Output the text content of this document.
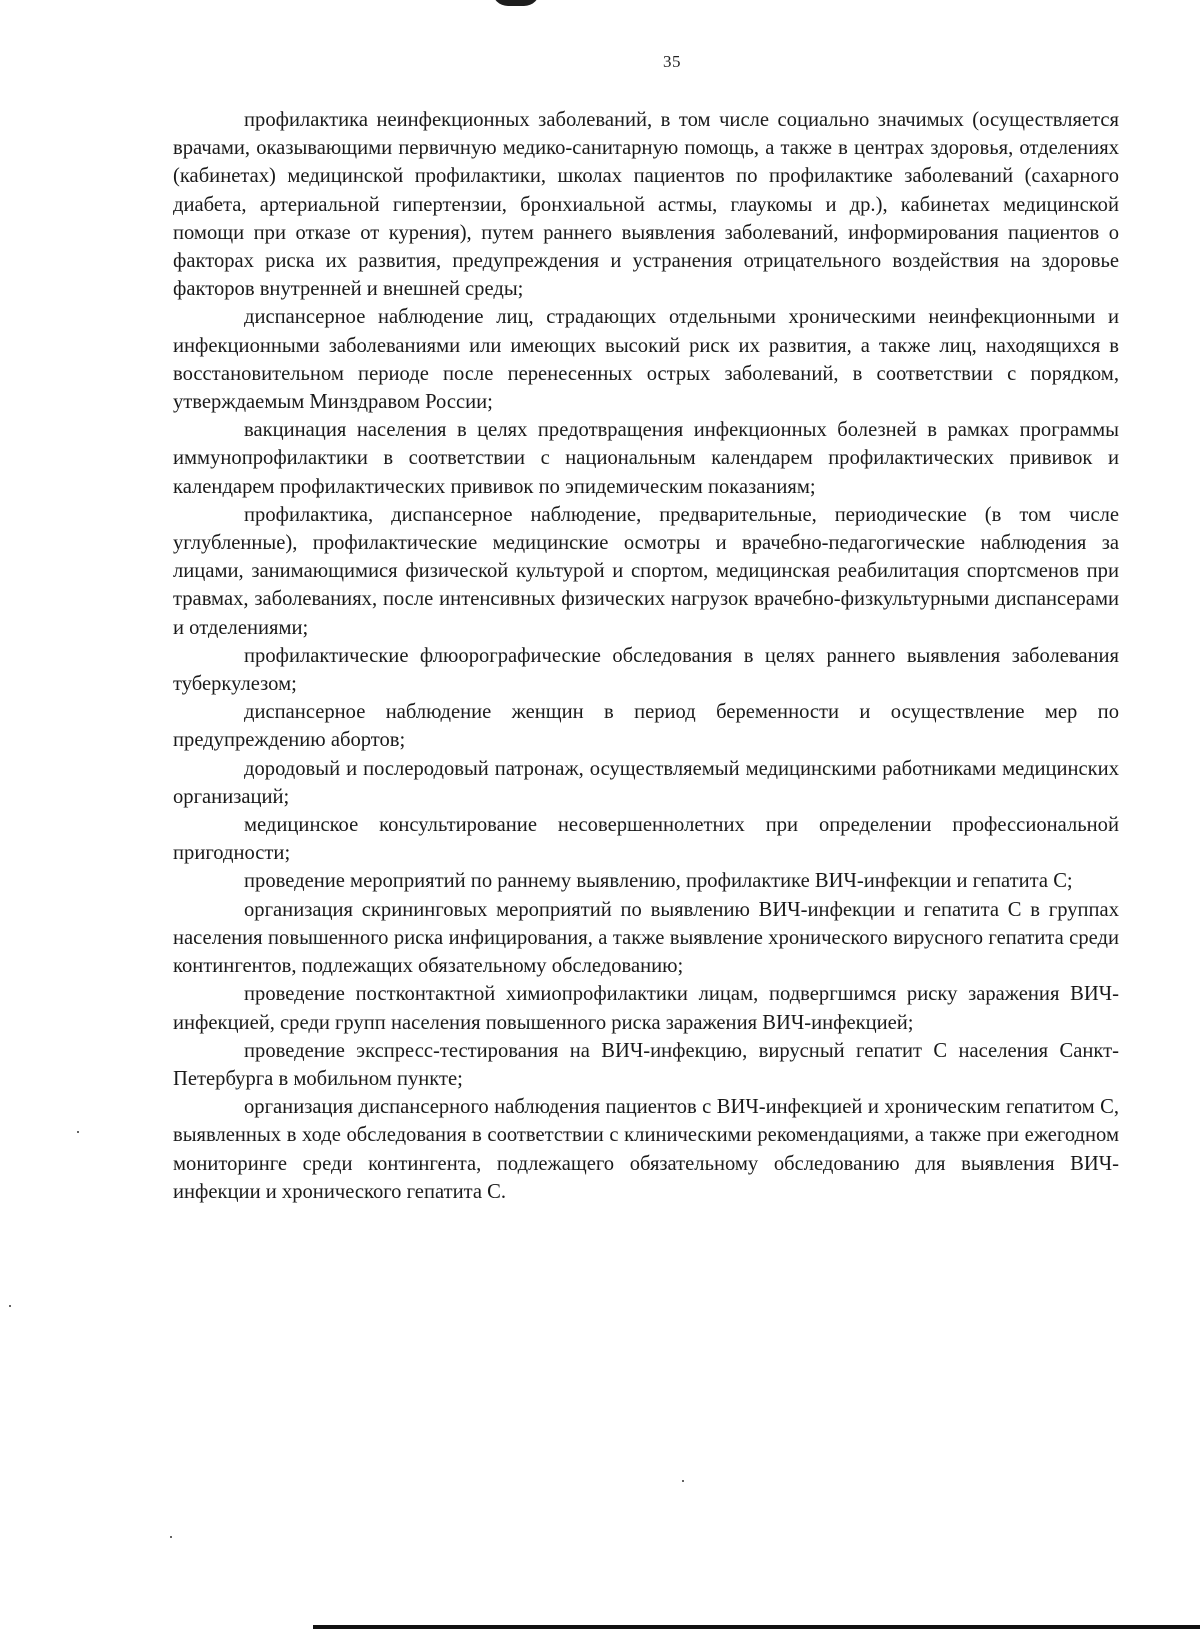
35

профилактика неинфекционных заболеваний, в том числе социально значимых (осуществляется врачами, оказывающими первичную медико-санитарную помощь, а также в центрах здоровья, отделениях (кабинетах) медицинской профилактики, школах пациентов по профилактике заболеваний (сахарного диабета, артериальной гипертензии, бронхиальной астмы, глаукомы и др.), кабинетах медицинской помощи при отказе от курения), путем раннего выявления заболеваний, информирования пациентов о факторах риска их развития, предупреждения и устранения отрицательного воздействия на здоровье факторов внутренней и внешней среды;

диспансерное наблюдение лиц, страдающих отдельными хроническими неинфекционными и инфекционными заболеваниями или имеющих высокий риск их развития, а также лиц, находящихся в восстановительном периоде после перенесенных острых заболеваний, в соответствии с порядком, утверждаемым Минздравом России;

вакцинация населения в целях предотвращения инфекционных болезней в рамках программы иммунопрофилактики в соответствии с национальным календарем профилактических прививок и календарем профилактических прививок по эпидемическим показаниям;

профилактика, диспансерное наблюдение, предварительные, периодические (в том числе углубленные), профилактические медицинские осмотры и врачебно-педагогические наблюдения за лицами, занимающимися физической культурой и спортом, медицинская реабилитация спортсменов при травмах, заболеваниях, после интенсивных физических нагрузок врачебно-физкультурными диспансерами и отделениями;

профилактические флюорографические обследования в целях раннего выявления заболевания туберкулезом;

диспансерное наблюдение женщин в период беременности и осуществление мер по предупреждению абортов;

дородовый и послеродовый патронаж, осуществляемый медицинскими работниками медицинских организаций;

медицинское консультирование несовершеннолетних при определении профессиональной пригодности;

проведение мероприятий по раннему выявлению, профилактике ВИЧ-инфекции и гепатита С;

организация скрининговых мероприятий по выявлению ВИЧ-инфекции и гепатита С в группах населения повышенного риска инфицирования, а также выявление хронического вирусного гепатита среди контингентов, подлежащих обязательному обследованию;

проведение постконтактной химиопрофилактики лицам, подвергшимся риску заражения ВИЧ-инфекцией, среди групп населения повышенного риска заражения ВИЧ-инфекцией;

проведение экспресс-тестирования на ВИЧ-инфекцию, вирусный гепатит С населения Санкт-Петербурга в мобильном пункте;

организация диспансерного наблюдения пациентов с ВИЧ-инфекцией и хроническим гепатитом С, выявленных в ходе обследования в соответствии с клиническими рекомендациями, а также при ежегодном мониторинге среди контингента, подлежащего обязательному обследованию для выявления ВИЧ-инфекции и хронического гепатита С.
